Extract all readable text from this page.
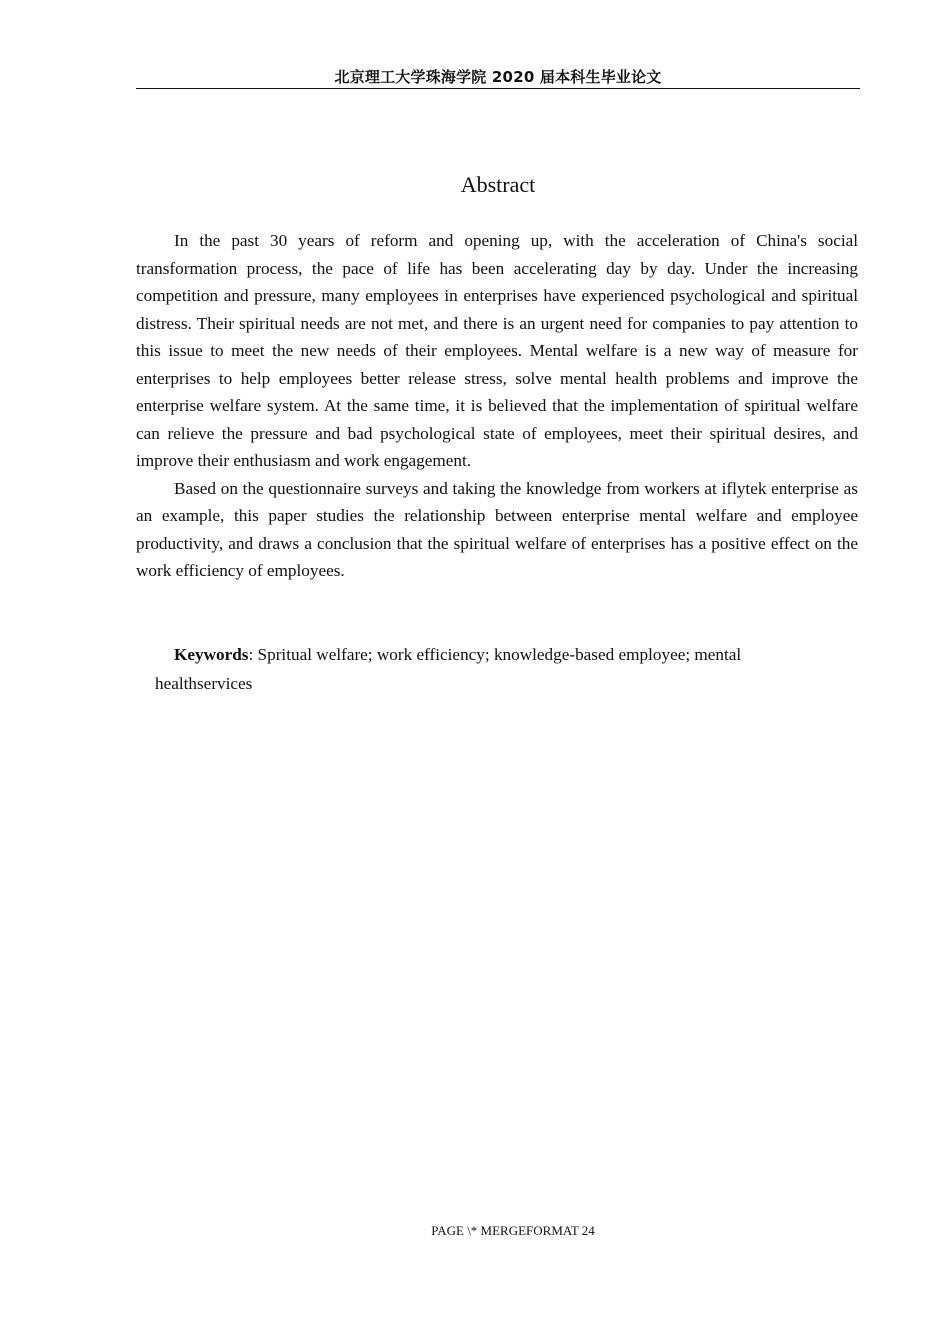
北京理工大学珠海学院 2020 届本科生毕业论文
Abstract

In the past 30 years of reform and opening up, with the acceleration of China's social transformation process, the pace of life has been accelerating day by day. Under the increasing competition and pressure, many employees in enterprises have experienced psychological and spiritual distress. Their spiritual needs are not met, and there is an urgent need for companies to pay attention to this issue to meet the new needs of their employees. Mental welfare is a new way of measure for enterprises to help employees better release stress, solve mental health problems and improve the enterprise welfare system. At the same time, it is believed that the implementation of spiritual welfare can relieve the pressure and bad psychological state of employees, meet their spiritual desires, and improve their enthusiasm and work engagement.

Based on the questionnaire surveys and taking the knowledge from workers at iflytek enterprise as an example, this paper studies the relationship between enterprise mental welfare and employee productivity, and draws a conclusion that the spiritual welfare of enterprises has a positive effect on the work efficiency of employees.

Keywords: Spritual welfare; work efficiency; knowledge-based employee; mental healthservices
PAGE \* MERGEFORMAT 24
